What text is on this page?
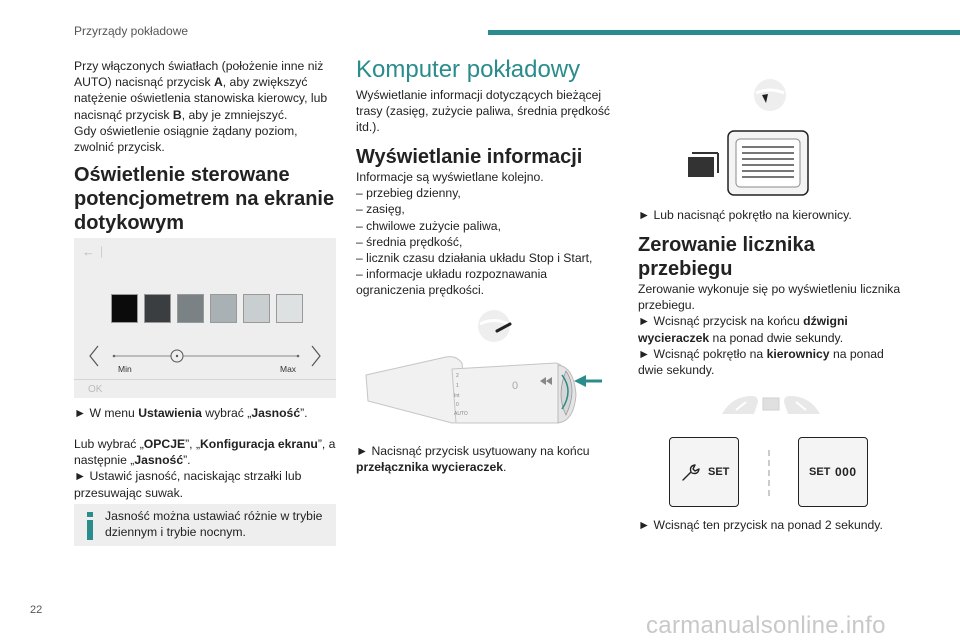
Przyrządy pokładowe

Przy włączonych światłach (położenie inne niż

AUTO) nacisnąć przycisk A, aby zwiększyć

natężenie oświetlenia stanowiska kierowcy, lub

nacisnąć przycisk B, aby je zmniejszyć.

Gdy oświetlenie osiągnie żądany poziom,

zwolnić przycisk.

Oświetlenie sterowane
potencjometrem na ekranie
dotykowym
← |
Min	Max
OK

► W menu Ustawienia wybrać „Jasność”.

Lub wybrać „OPCJE”, „Konfiguracja ekranu”, a

następnie „Jasność”.

► Ustawić jasność, naciskając strzałki lub

przesuwając suwak.

Jasność można ustawiać różnie w trybie

dziennym i trybie nocnym.

Komputer pokładowy

Wyświetlanie informacji dotyczących bieżącej

trasy (zasięg, zużycie paliwa, średnia prędkość

itd.).

Wyświetlanie informacji

Informacje są wyświetlane kolejno.

– przebieg dzienny,

– zasięg,

– chwilowe zużycie paliwa,

– średnia prędkość,

– licznik czasu działania układu Stop i Start,

– informacje układu rozpoznawania

ograniczenia prędkości.

2
1
Int
0
AUTO
0

► Nacisnąć przycisk usytuowany na końcu

przełącznika wycieraczek.

► Lub nacisnąć pokrętło na kierownicy.

Zerowanie licznika
przebiegu

Zerowanie wykonuje się po wyświetleniu licznika

przebiegu.

► Wcisnąć przycisk na końcu dźwigni

wycieraczek na ponad dwie sekundy.

► Wcisnąć pokrętło na kierownicy na ponad

dwie sekundy.

SET	SET 000

► Wcisnąć ten przycisk na ponad 2 sekundy.

22
carmanualsonline.info
